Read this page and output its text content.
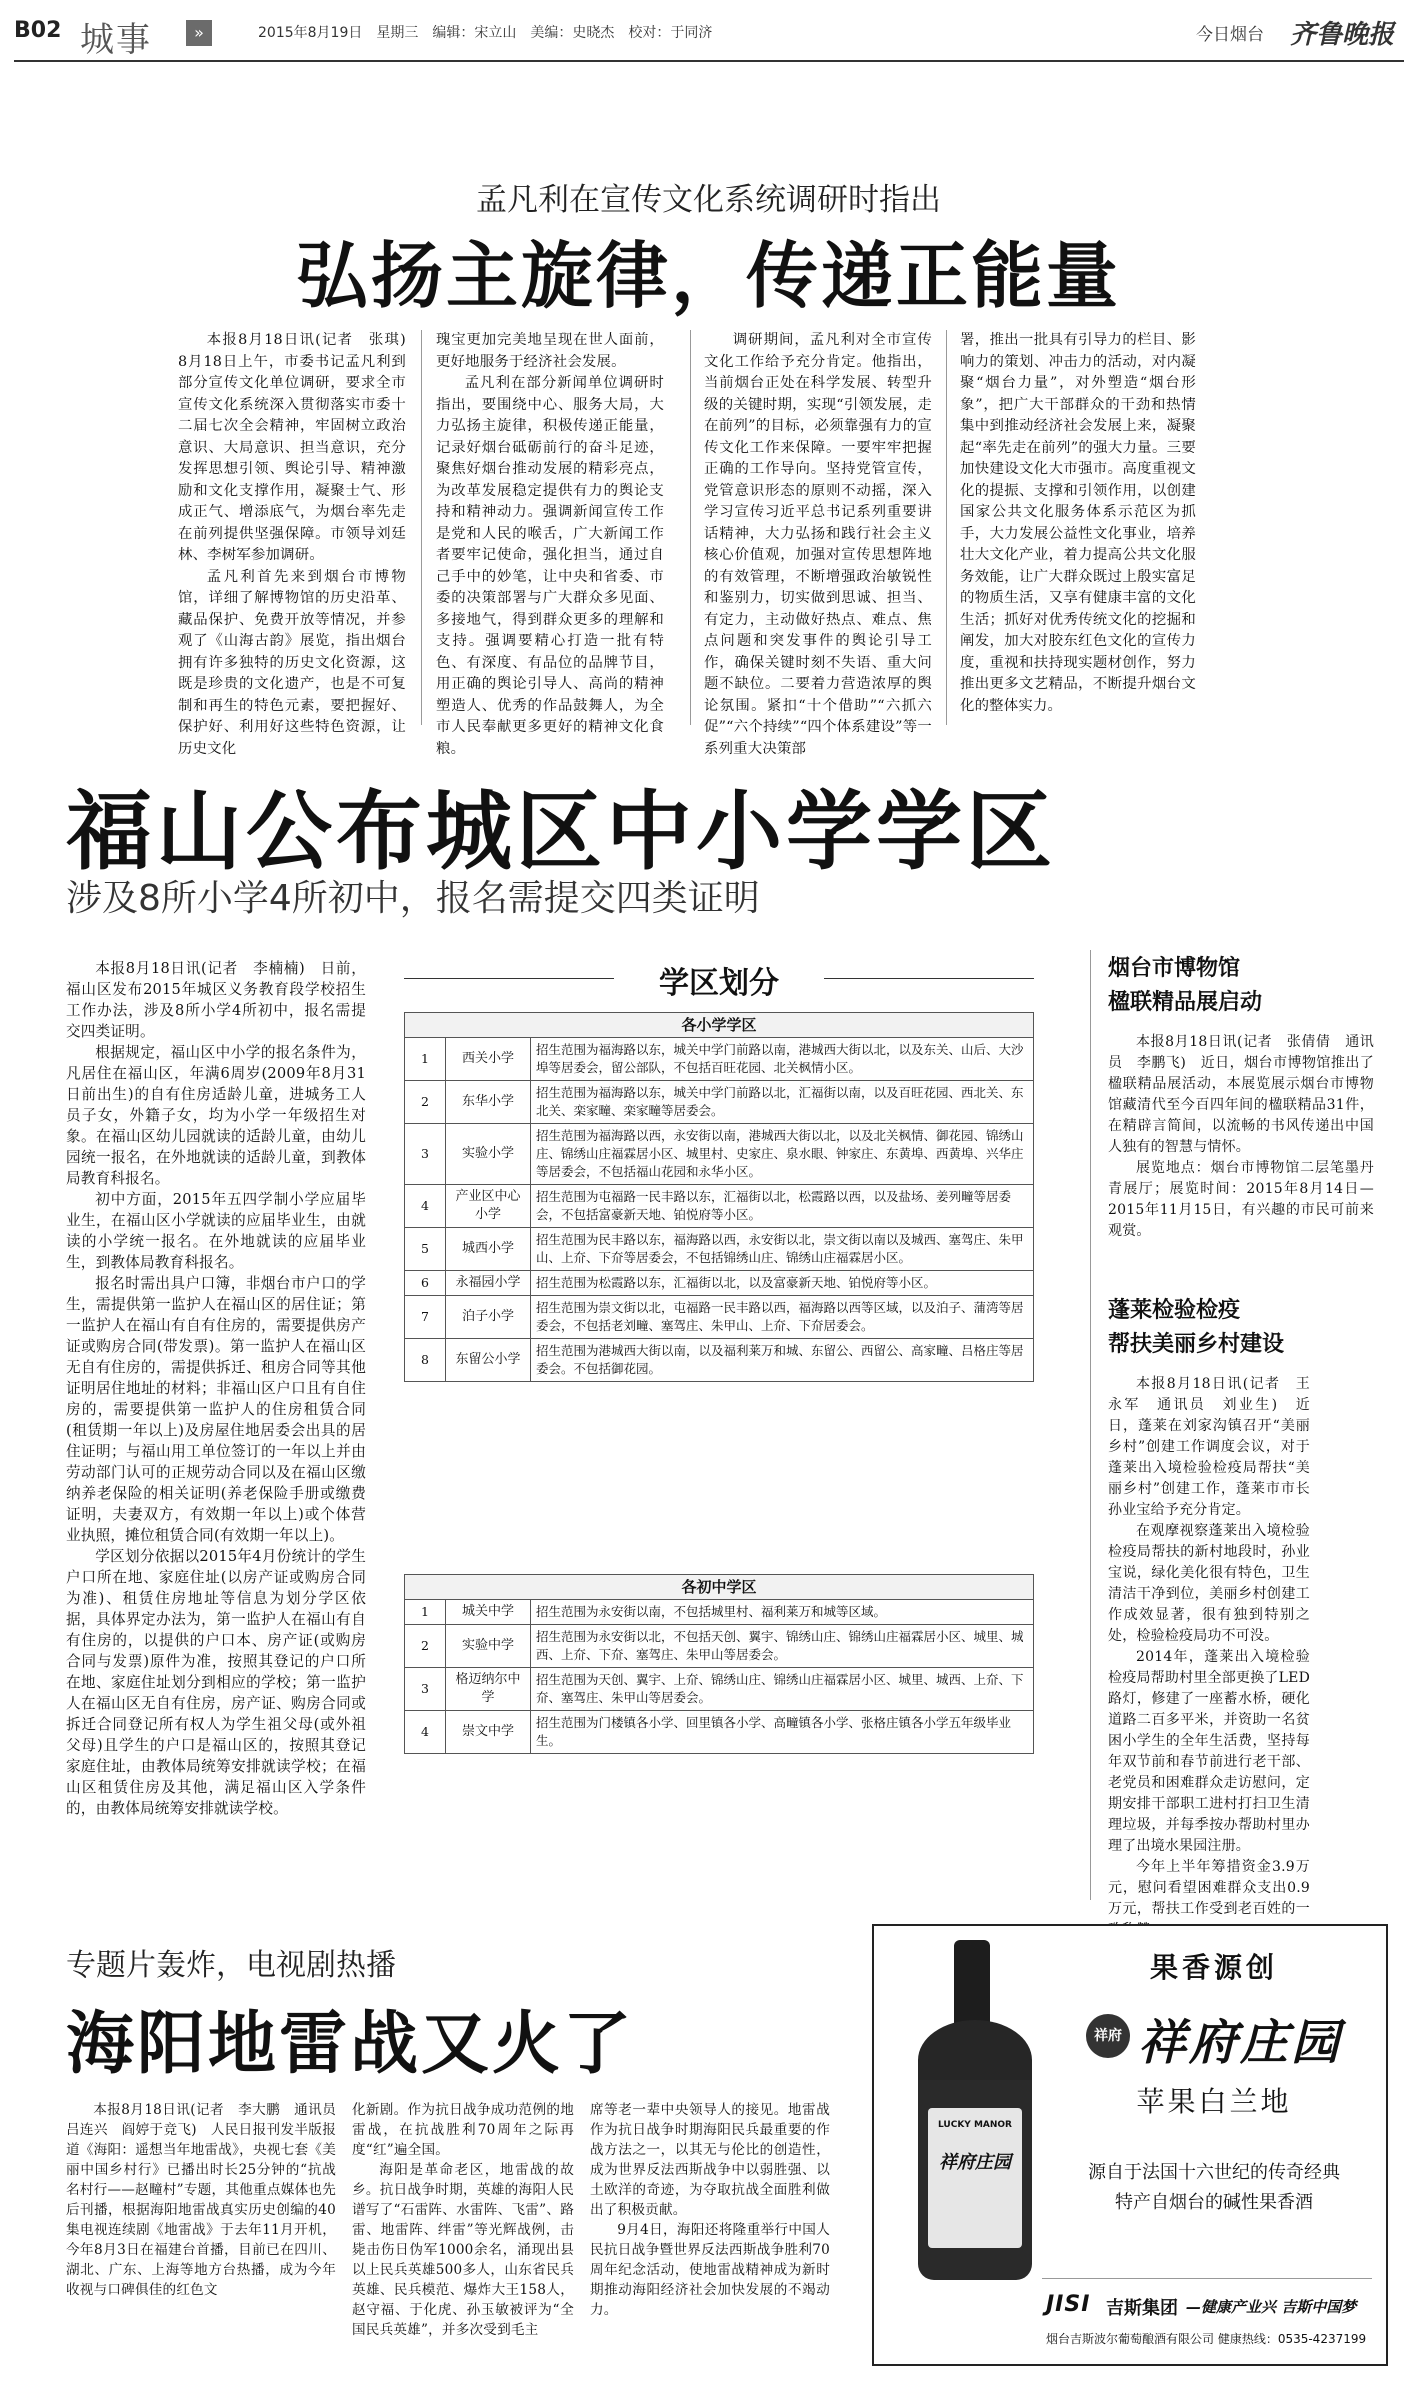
B02 城事	»	2015年8月19日　星期三　编辑：宋立山　美编：史晓杰　校对：于同济	今日烟台 齐鲁晚报
孟凡利在宣传文化系统调研时指出
弘扬主旋律，传递正能量

本报8月18日讯(记者　张琪)　8月18日上午，市委书记孟凡利到部分宣传文化单位调研，要求全市宣传文化系统深入贯彻落实市委十二届七次全会精神，牢固树立政治意识、大局意识、担当意识，充分发挥思想引领、舆论引导、精神激励和文化支撑作用，凝聚士气、形成正气、增添底气，为烟台率先走在前列提供坚强保障。市领导刘廷林、李树军参加调研。

孟凡利首先来到烟台市博物馆，详细了解博物馆的历史沿革、藏品保护、免费开放等情况，并参观了《山海古韵》展览，指出烟台拥有许多独特的历史文化资源，这既是珍贵的文化遗产，也是不可复制和再生的特色元素，要把握好、保护好、利用好这些特色资源，让历史文化

瑰宝更加完美地呈现在世人面前，更好地服务于经济社会发展。

孟凡利在部分新闻单位调研时指出，要围绕中心、服务大局，大力弘扬主旋律，积极传递正能量，记录好烟台砥砺前行的奋斗足迹，聚焦好烟台推动发展的精彩亮点，为改革发展稳定提供有力的舆论支持和精神动力。强调新闻宣传工作是党和人民的喉舌，广大新闻工作者要牢记使命，强化担当，通过自己手中的妙笔，让中央和省委、市委的决策部署与广大群众多见面、多接地气，得到群众更多的理解和支持。强调要精心打造一批有特色、有深度、有品位的品牌节目，用正确的舆论引导人、高尚的精神塑造人、优秀的作品鼓舞人，为全市人民奉献更多更好的精神文化食粮。

调研期间，孟凡利对全市宣传文化工作给予充分肯定。他指出，当前烟台正处在科学发展、转型升级的关键时期，实现“引领发展，走在前列”的目标，必须靠强有力的宣传文化工作来保障。一要牢牢把握正确的工作导向。坚持党管宣传，党管意识形态的原则不动摇，深入学习宣传习近平总书记系列重要讲话精神，大力弘扬和践行社会主义核心价值观，加强对宣传思想阵地的有效管理，不断增强政治敏锐性和鉴别力，切实做到思诚、担当、有定力，主动做好热点、难点、焦点问题和突发事件的舆论引导工作，确保关键时刻不失语、重大问题不缺位。二要着力营造浓厚的舆论氛围。紧扣“十个借助”“六抓六促”“六个持续”“四个体系建设”等一系列重大决策部

署，推出一批具有引导力的栏目、影响力的策划、冲击力的活动，对内凝聚“烟台力量”，对外塑造“烟台形象”，把广大干部群众的干劲和热情集中到推动经济社会发展上来，凝聚起“率先走在前列”的强大力量。三要加快建设文化大市强市。高度重视文化的提振、支撑和引领作用，以创建国家公共文化服务体系示范区为抓手，大力发展公益性文化事业，培养壮大文化产业，着力提高公共文化服务效能，让广大群众既过上殷实富足的物质生活，又享有健康丰富的文化生活；抓好对优秀传统文化的挖掘和阐发，加大对胶东红色文化的宣传力度，重视和扶持现实题材创作，努力推出更多文艺精品，不断提升烟台文化的整体实力。

福山公布城区中小学学区
涉及8所小学4所初中，报名需提交四类证明

本报8月18日讯(记者　李楠楠)　日前，福山区发布2015年城区义务教育段学校招生工作办法，涉及8所小学4所初中，报名需提交四类证明。

根据规定，福山区中小学的报名条件为，凡居住在福山区，年满6周岁(2009年8月31日前出生)的自有住房适龄儿童，进城务工人员子女，外籍子女，均为小学一年级招生对象。在福山区幼儿园就读的适龄儿童，由幼儿园统一报名，在外地就读的适龄儿童，到教体局教育科报名。

初中方面，2015年五四学制小学应届毕业生，在福山区小学就读的应届毕业生，由就读的小学统一报名。在外地就读的应届毕业生，到教体局教育科报名。

报名时需出具户口簿，非烟台市户口的学生，需提供第一监护人在福山区的居住证；第一监护人在福山有自有住房的，需要提供房产证或购房合同(带发票)。第一监护人在福山区无自有住房的，需提供拆迁、租房合同等其他证明居住地址的材料；非福山区户口且有自住房的，需要提供第一监护人的住房租赁合同(租赁期一年以上)及房屋住地居委会出具的居住证明；与福山用工单位签订的一年以上并由劳动部门认可的正规劳动合同以及在福山区缴纳养老保险的相关证明(养老保险手册或缴费证明，夫妻双方，有效期一年以上)或个体营业执照，摊位租赁合同(有效期一年以上)。

学区划分依据以2015年4月份统计的学生户口所在地、家庭住址(以房产证或购房合同为准)、租赁住房地址等信息为划分学区依据，具体界定办法为，第一监护人在福山有自有住房的，以提供的户口本、房产证(或购房合同与发票)原件为准，按照其登记的户口所在地、家庭住址划分到相应的学校；第一监护人在福山区无自有住房，房产证、购房合同或拆迁合同登记所有权人为学生祖父母(或外祖父母)且学生的户口是福山区的，按照其登记家庭住址，由教体局统筹安排就读学校；在福山区租赁住房及其他，满足福山区入学条件的，由教体局统筹安排就读学校。

学区划分
各小学学区		
1	西关小学	招生范围为福海路以东，城关中学门前路以南，港城西大街以北，以及东关、山后、大沙埠等居委会，留公部队，不包括百旺花园、北关枫情小区。
2	东华小学	招生范围为福海路以东，城关中学门前路以北，汇福街以南，以及百旺花园、西北关、东北关、栾家疃、栾家疃等居委会。
3	实验小学	招生范围为福海路以西，永安街以南，港城西大街以北，以及北关枫情、御花园、锦绣山庄、锦绣山庄福霖居小区、城里村、史家庄、泉水眼、钟家庄、东黄埠、西黄埠、兴华庄等居委会，不包括福山花园和永华小区。
4	产业区中心小学	招生范围为屯福路一民丰路以东，汇福街以北，松霞路以西，以及盐场、姜列疃等居委会，不包括富豪新天地、铂悦府等小区。
5	城西小学	招生范围为民丰路以东，福海路以西，永安街以北，崇文街以南以及城西、塞驾庄、朱甲山、上夼、下夼等居委会，不包括锦绣山庄、锦绣山庄福霖居小区。
6	永福园小学	招生范围为松霞路以东，汇福街以北，以及富豪新天地、铂悦府等小区。
7	泊子小学	招生范围为崇文街以北，屯福路一民丰路以西，福海路以西等区域，以及泊子、蒲湾等居委会，不包括老刘疃、塞驾庄、朱甲山、上夼、下夼居委会。
8	东留公小学	招生范围为港城西大街以南，以及福利莱万和城、东留公、西留公、高家疃、吕格庄等居委会。不包括御花园。
各初中学区		
1	城关中学	招生范围为永安街以南，不包括城里村、福利莱万和城等区域。
2	实验中学	招生范围为永安街以北，不包括天创、翼宇、锦绣山庄、锦绣山庄福霖居小区、城里、城西、上夼、下夼、塞驾庄、朱甲山等居委会。
3	格迈纳尔中学	招生范围为天创、翼宇、上夼、锦绣山庄、锦绣山庄福霖居小区、城里、城西、上夼、下夼、塞驾庄、朱甲山等居委会。
4	崇文中学	招生范围为门楼镇各小学、回里镇各小学、高疃镇各小学、张格庄镇各小学五年级毕业生。
烟台市博物馆
楹联精品展启动

本报8月18日讯(记者　张倩倩　通讯员　李鹏飞)　近日，烟台市博物馆推出了楹联精品展活动，本展览展示烟台市博物馆藏清代至今百四年间的楹联精品31件，在精辟言简间，以流畅的书风传递出中国人独有的智慧与情怀。

展览地点：烟台市博物馆二层笔墨丹青展厅；展览时间：2015年8月14日—2015年11月15日，有兴趣的市民可前来观赏。

蓬莱检验检疫
帮扶美丽乡村建设

本报8月18日讯(记者　王永军　通讯员　刘业生)　近日，蓬莱在刘家沟镇召开“美丽乡村”创建工作调度会议，对于蓬莱出入境检验检疫局帮扶“美丽乡村”创建工作，蓬莱市市长孙业宝给予充分肯定。

在观摩视察蓬莱出入境检验检疫局帮扶的新村地段时，孙业宝说，绿化美化很有特色，卫生清洁干净到位，美丽乡村创建工作成效显著，很有独到特别之处，检验检疫局功不可没。

2014年，蓬莱出入境检验检疫局帮助村里全部更换了LED路灯，修建了一座蓄水桥，硬化道路二百多平米，并资助一名贫困小学生的全年生活费，坚持每年双节前和春节前进行老干部、老党员和困难群众走访慰问，定期安排干部职工进村打扫卫生清理垃圾，并每季按办帮助村里办理了出境水果园注册。

今年上半年筹措资金3.9万元，慰问看望困难群众支出0.9万元，帮扶工作受到老百姓的一

专题片轰炸，电视剧热播
海阳地雷战又火了

本报8月18日讯(记者　李大鹏　通讯员　吕连兴　阎婷于竞飞)　人民日报刊发半版报道《海阳：遥想当年地雷战》，央视七套《美丽中国乡村行》已播出时长25分钟的“抗战名村行——赵疃村”专题，其他重点媒体也先后刊播，根据海阳地雷战真实历史创编的40集电视连续剧《地雷战》于去年11月开机，今年8月3日在福建台首播，目前已在四川、湖北、广东、上海等地方台热播，成为今年收视与口碑俱佳的红色文

化新剧。作为抗日战争成功范例的地雷战，在抗战胜利70周年之际再度“红”遍全国。

海阳是革命老区，地雷战的故乡。抗日战争时期，英雄的海阳人民谱写了“石雷阵、水雷阵、飞雷”、路雷、地雷阵、绊雷”等光辉战例，击毙击伤日伪军1000余名，涌现出县以上民兵英雄500多人，山东省民兵英雄、民兵模范、爆炸大王158人，赵守福、于化虎、孙玉敏被评为“全国民兵英雄”，并多次受到毛主

席等老一辈中央领导人的接见。地雷战作为抗日战争时期海阳民兵最重要的作战方法之一，以其无与伦比的创造性，成为世界反法西斯战争中以弱胜强、以土欧洋的奇迹，为夺取抗战全面胜利做出了积极贡献。

9月4日，海阳还将隆重举行中国人民抗日战争暨世界反法西斯战争胜利70周年纪念活动，使地雷战精神成为新时期推动海阳经济社会加快发展的不竭动力。

LUCKY MANOR
祥府庄园
果香源创
祥府 祥府庄园
苹果白兰地
源自于法国十六世纪的传奇经典
特产自烟台的碱性果香酒
JISI 吉斯集团 —健康产业兴 吉斯中国梦
烟台吉斯波尔葡萄酿酒有限公司 健康热线：0535-4237199
